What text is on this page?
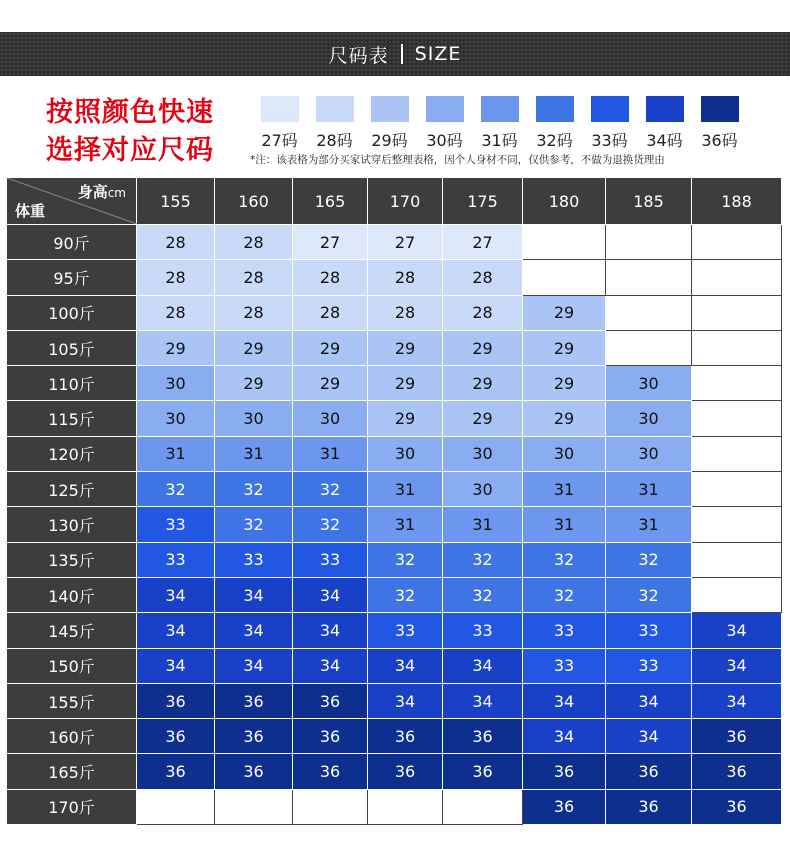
尺码表 SIZE
按照颜色快速
选择对应尺码	27码 28码 29码 30码 31码 32码 33码 34码 36码
*注：该表格为部分买家试穿后整理表格，因个人身材不同，仅供参考，不做为退换货理由
身高cm
体重	155	160	165	170	175	180	185	188
90斤	28	28	27	27	27			
95斤	28	28	28	28	28			
100斤	28	28	28	28	28	29		
105斤	29	29	29	29	29	29		
110斤	30	29	29	29	29	29	30	
115斤	30	30	30	29	29	29	30	
120斤	31	31	31	30	30	30	30	
125斤	32	32	32	31	30	31	31	
130斤	33	32	32	31	31	31	31	
135斤	33	33	33	32	32	32	32	
140斤	34	34	34	32	32	32	32	
145斤	34	34	34	33	33	33	33	34
150斤	34	34	34	34	34	33	33	34
155斤	36	36	36	34	34	34	34	34
160斤	36	36	36	36	36	34	34	36
165斤	36	36	36	36	36	36	36	36
170斤						36	36	36
